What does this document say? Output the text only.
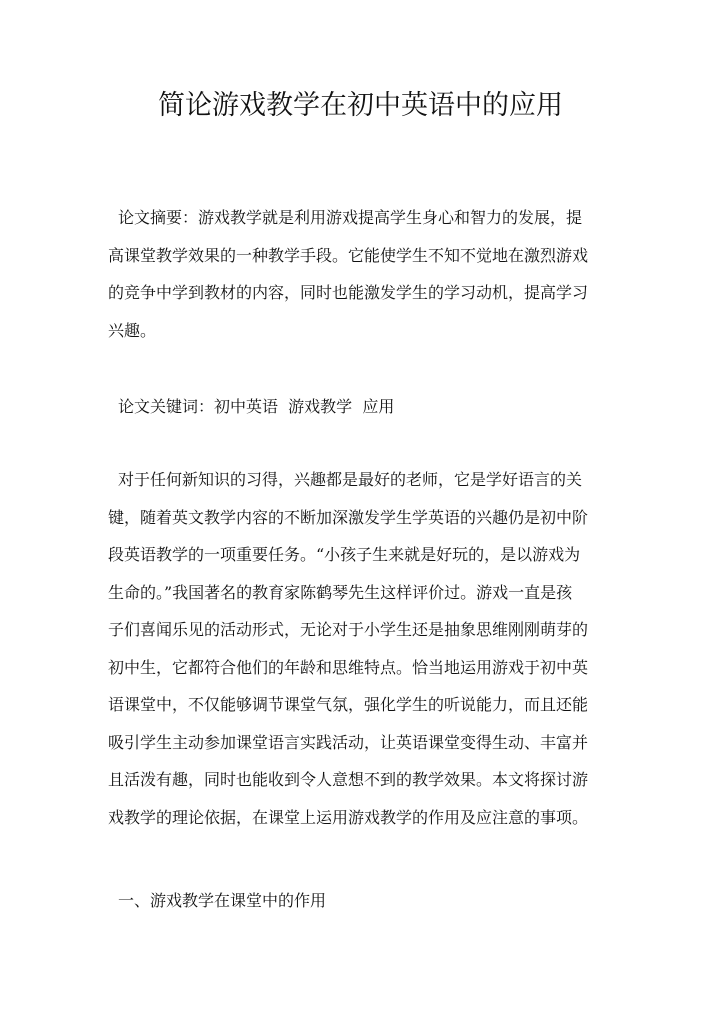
简论游戏教学在初中英语中的应用
论文摘要：游戏教学就是利用游戏提高学生身心和智力的发展，提
高课堂教学效果的一种教学手段。它能使学生不知不觉地在激烈游戏
的竞争中学到教材的内容，同时也能激发学生的学习动机，提高学习
兴趣。
论文关键词：初中英语  游戏教学  应用
对于任何新知识的习得，兴趣都是最好的老师，它是学好语言的关
键，随着英文教学内容的不断加深激发学生学英语的兴趣仍是初中阶
段英语教学的一项重要任务。“小孩子生来就是好玩的，是以游戏为
生命的。”我国著名的教育家陈鹤琴先生这样评价过。游戏一直是孩
子们喜闻乐见的活动形式，无论对于小学生还是抽象思维刚刚萌芽的
初中生，它都符合他们的年龄和思维特点。恰当地运用游戏于初中英
语课堂中，不仅能够调节课堂气氛，强化学生的听说能力，而且还能
吸引学生主动参加课堂语言实践活动，让英语课堂变得生动、丰富并
且活泼有趣，同时也能收到令人意想不到的教学效果。本文将探讨游
戏教学的理论依据，在课堂上运用游戏教学的作用及应注意的事项。
一、游戏教学在课堂中的作用
